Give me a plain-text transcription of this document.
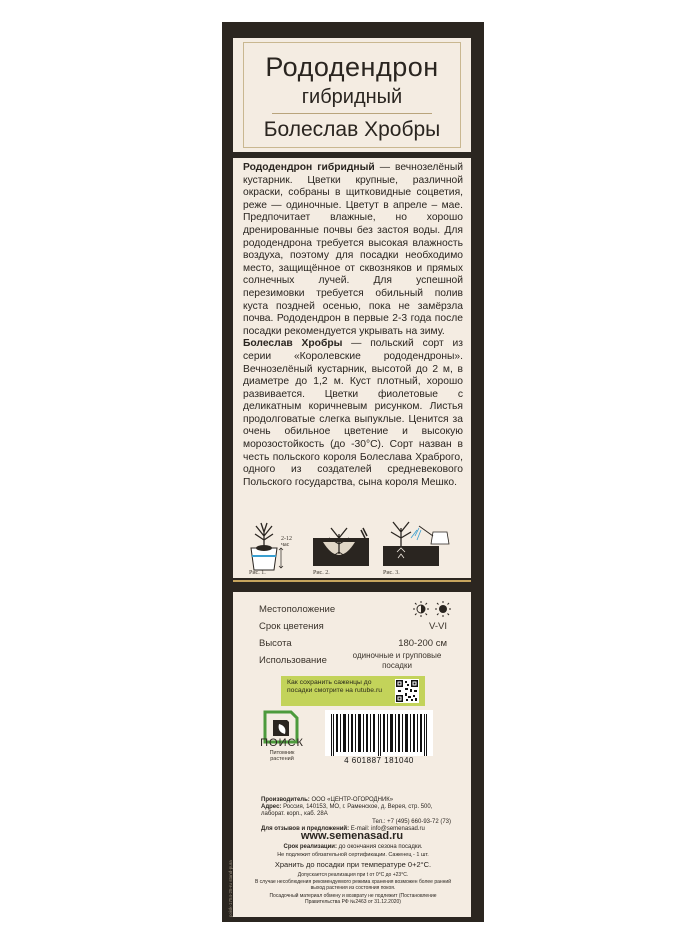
Рододендрон
гибридный
Болеслав Хробры

Рододендрон гибридный — вечнозелёный кустарник. Цветки крупные, различной окраски, собраны в щитковидные соцветия, реже — одиночные. Цветут в апреле – мае. Предпочитает влажные, но хорошо дренированные почвы без застоя воды. Для рододендрона требуется высокая влажность воздуха, поэтому для посадки необходимо место, защищённое от сквозняков и прямых солнечных лучей. Для успешной перезимовки требуется обильный полив куста поздней осенью, пока не замёрзла почва. Рододендрон в первые 2-3 года после посадки рекомендуется укрывать на зиму.

Болеслав Хробры — польский сорт из серии «Королевские рододендроны». Вечнозелёный кустарник, высотой до 2 м, в диаметре до 1,2 м. Куст плотный, хорошо развивается. Цветки фиолетовые с деликатным коричневым рисунком. Листья продолговатые слегка выпуклые. Ценится за очень обильное цветение и высокую морозостойкость (до -30°C). Сорт назван в честь польского короля Болеслава Храброго, одного из создателей средневекового Польского государства, сына короля Мешко.

2-12 час
Рис. 1.	Рис. 2.	Рис. 3.
Местоположение
Срок цветения	V-VI
Высота	180-200 см
Использование	одиночные и групповые посадки
Как сохранить саженцы до посадки смотрите на rutube.ru
ПОИСК
Питомник растений	4 601887 181040
Производитель: ООО «ЦЕНТР-ОГОРОДНИК»
Адрес: Россия, 140153, МО, г. Раменское, д. Верея, стр. 500, лаборат. корп., каб. 28А
Тел.: +7 (495) 660-93-72 (73)
Для отзывов и предложений: E-mail: info@semenasad.ru
www.semenasad.ru
Срок реализации: до окончания сезона посадки.
Не подлежит обязательной сертификации. Саженец - 1 шт.
Хранить до посадки при температуре 0+2°С.
Допускается реализация при t от 0°С до +23°С.
В случае несоблюдения рекомендуемого режима хранения возможен более ранний выход растения из состояния покоя.
Посадочный материал обмену и возврату не подлежит (Постановление Правительства РФ №2463 от 31.12.2020)
poisk-1754-25-ru stand-pura
